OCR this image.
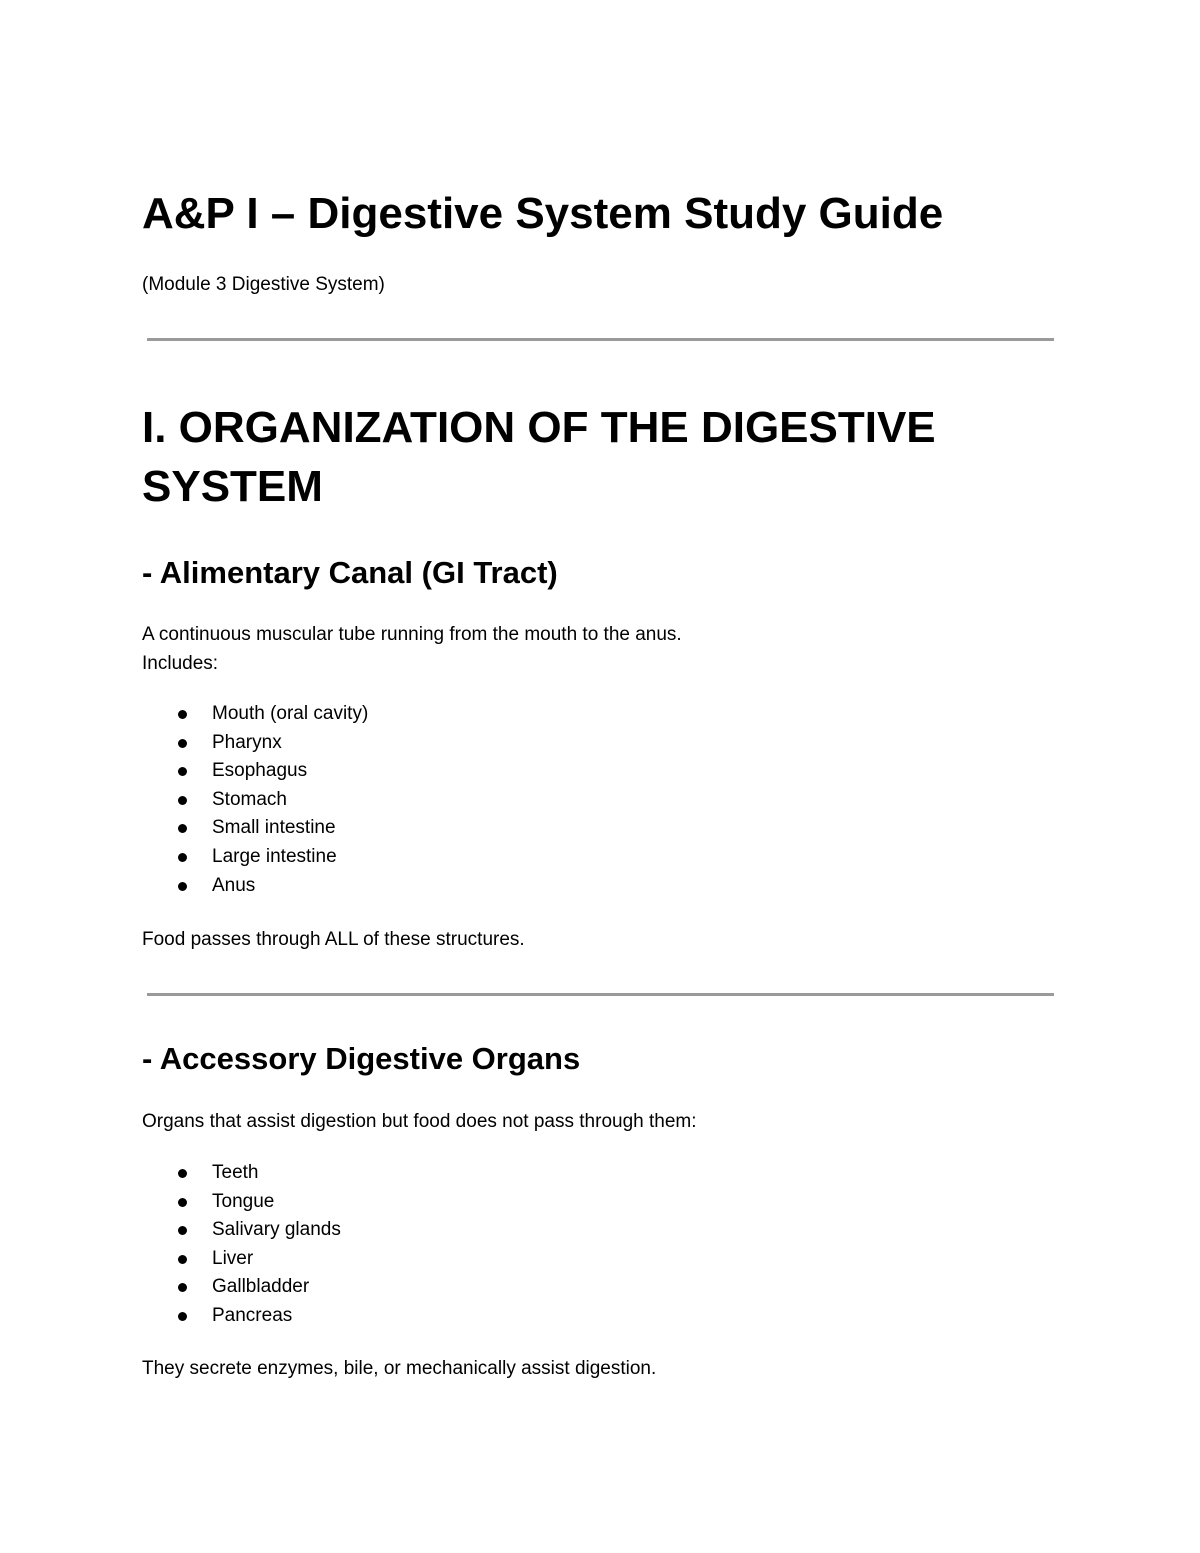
A&P I – Digestive System Study Guide

(Module 3 Digestive System)

I. ORGANIZATION OF THE DIGESTIVE SYSTEM
- Alimentary Canal (GI Tract)

A continuous muscular tube running from the mouth to the anus.

Includes:

Mouth (oral cavity)
Pharynx
Esophagus
Stomach
Small intestine
Large intestine
Anus

Food passes through ALL of these structures.

- Accessory Digestive Organs

Organs that assist digestion but food does not pass through them:

Teeth
Tongue
Salivary glands
Liver
Gallbladder
Pancreas

They secrete enzymes, bile, or mechanically assist digestion.
